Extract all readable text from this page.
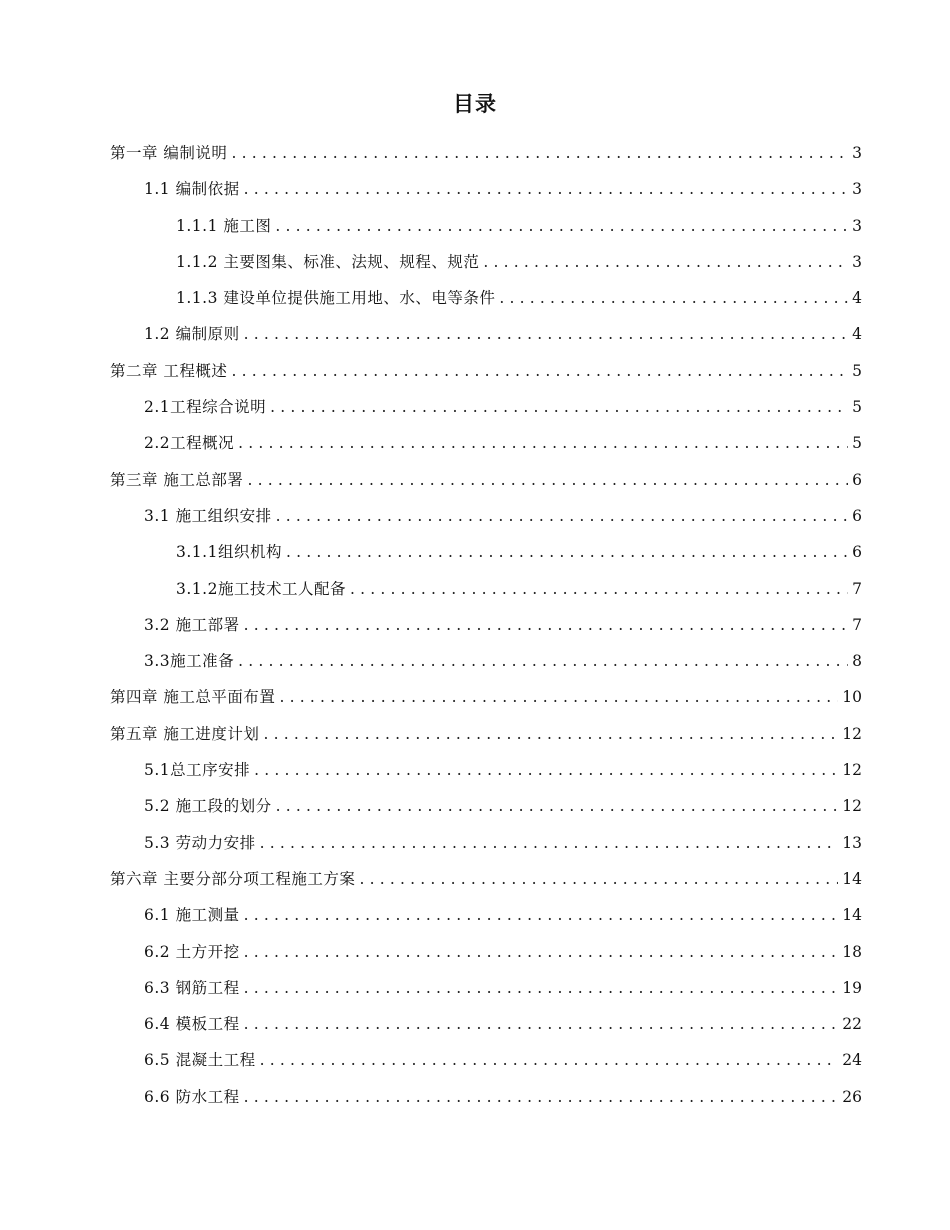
目录
第一章 编制说明 .....	3
1.1 编制依据 .....	3
1.1.1 施工图 .....	3
1.1.2 主要图集、标准、法规、规程、规范 .....	3
1.1.3 建设单位提供施工用地、水、电等条件 .....	4
1.2 编制原则 .....	4
第二章 工程概述 .....	5
2.1工程综合说明 .....	5
2.2工程概况 .....	5
第三章 施工总部署 .....	6
3.1 施工组织安排 .....	6
3.1.1组织机构 .....	6
3.1.2施工技术工人配备 .....	7
3.2 施工部署 .....	7
3.3施工准备 .....	8
第四章 施工总平面布置 .....	10
第五章 施工进度计划 .....	12
5.1总工序安排 .....	12
5.2 施工段的划分 .....	12
5.3 劳动力安排 .....	13
第六章 主要分部分项工程施工方案 .....	14
6.1 施工测量 .....	14
6.2 土方开挖 .....	18
6.3 钢筋工程 .....	19
6.4 模板工程 .....	22
6.5 混凝土工程 .....	24
6.6 防水工程 .....	26
